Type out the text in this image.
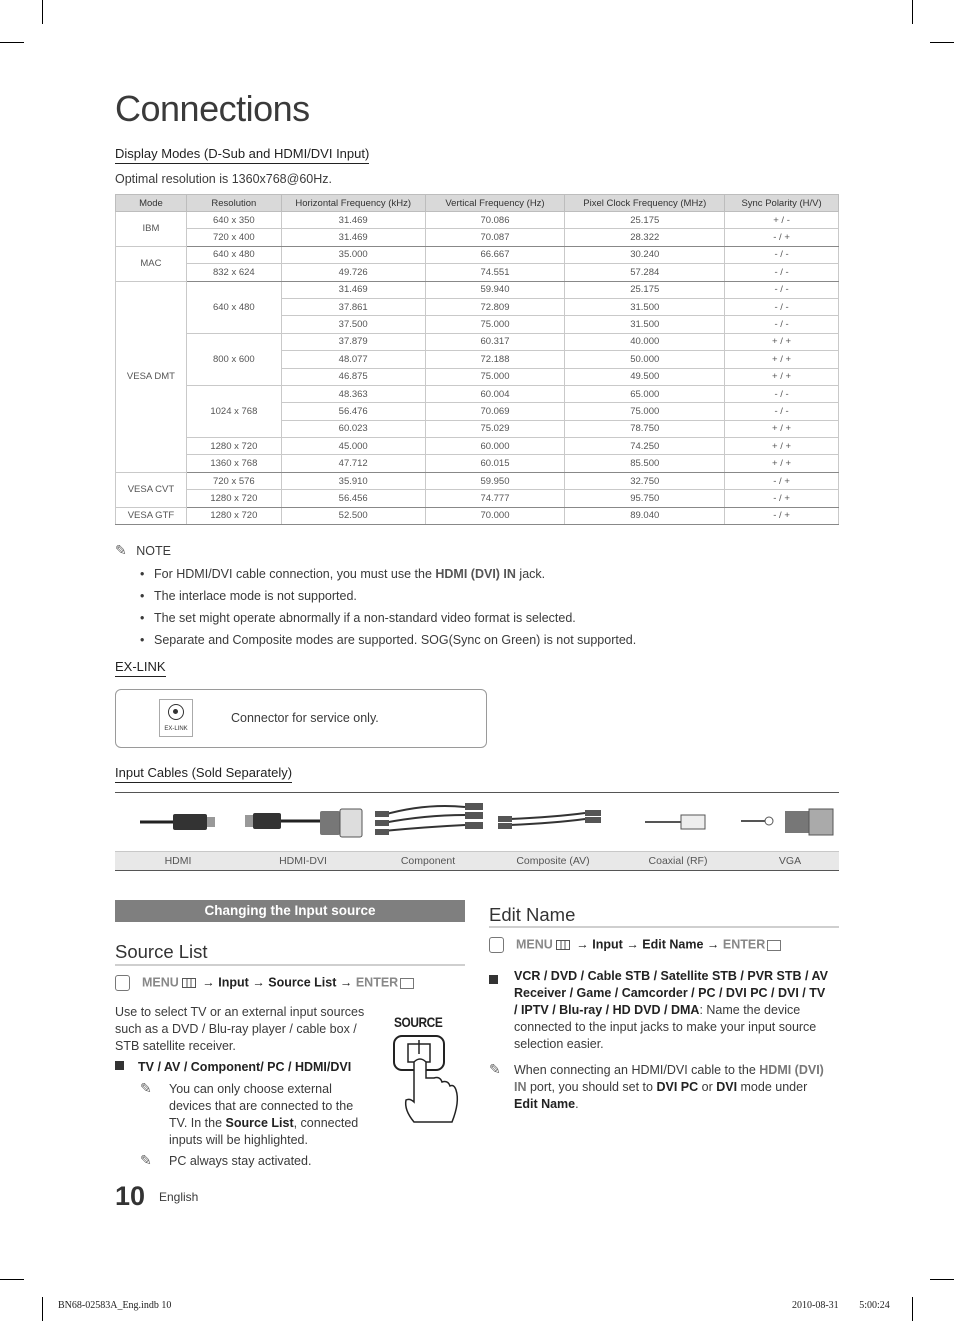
Connections
Display Modes (D-Sub and HDMI/DVI Input)
Optimal resolution is 1360x768@60Hz.
Mode	Resolution	Horizontal Frequency (kHz)	Vertical Frequency (Hz)	Pixel Clock Frequency (MHz)	Sync Polarity (H/V)
IBM	640 x 350	31.469	70.086	25.175	+ / -
	720 x 400	31.469	70.087	28.322	- / +
MAC	640 x 480	35.000	66.667	30.240	- / -
	832 x 624	49.726	74.551	57.284	- / -
VESA DMT	640 x 480	31.469	59.940	25.175	- / -
		37.861	72.809	31.500	- / -
		37.500	75.000	31.500	- / -
	800 x 600	37.879	60.317	40.000	+ / +
		48.077	72.188	50.000	+ / +
		46.875	75.000	49.500	+ / +
	1024 x 768	48.363	60.004	65.000	- / -
		56.476	70.069	75.000	- / -
		60.023	75.029	78.750	+ / +
	1280 x 720	45.000	60.000	74.250	+ / +
	1360 x 768	47.712	60.015	85.500	+ / +
VESA CVT	720 x 576	35.910	59.950	32.750	- / +
	1280 x 720	56.456	74.777	95.750	- / +
VESA GTF	1280 x 720	52.500	70.000	89.040	- / +
✎ NOTE
• For HDMI/DVI cable connection, you must use the HDMI (DVI) IN jack.
• The interlace mode is not supported.
• The set might operate abnormally if a non-standard video format is selected.
• Separate and Composite modes are supported. SOG(Sync on Green) is not supported.
EX-LINK
EX-LINK
Connector for service only.
Input Cables (Sold Separately)
HDMI	HDMI-DVI	Component	Composite (AV)	Coaxial (RF)	VGA
Changing the Input source
Source List
MENU → Input → Source List → ENTER
Use to select TV or an external input sources such as a DVD / Blu-ray player / cable box / STB satellite receiver.
TV / AV / Component/ PC / HDMI/DVI
✎ You can only choose external devices that are connected to the TV. In the Source List, connected inputs will be highlighted.
✎ PC always stay activated.
SOURCE
Edit Name
MENU → Input → Edit Name → ENTER
VCR / DVD / Cable STB / Satellite STB / PVR STB / AV Receiver / Game / Camcorder / PC / DVI PC / DVI / TV / IPTV / Blu-ray / HD DVD / DMA: Name the device connected to the input jacks to make your input source selection easier.
✎ When connecting an HDMI/DVI cable to the HDMI (DVI) IN port, you should set to DVI PC or DVI mode under Edit Name.
10 English
BN68-02583A_Eng.indb 10	2010-08-31    5:00:24
